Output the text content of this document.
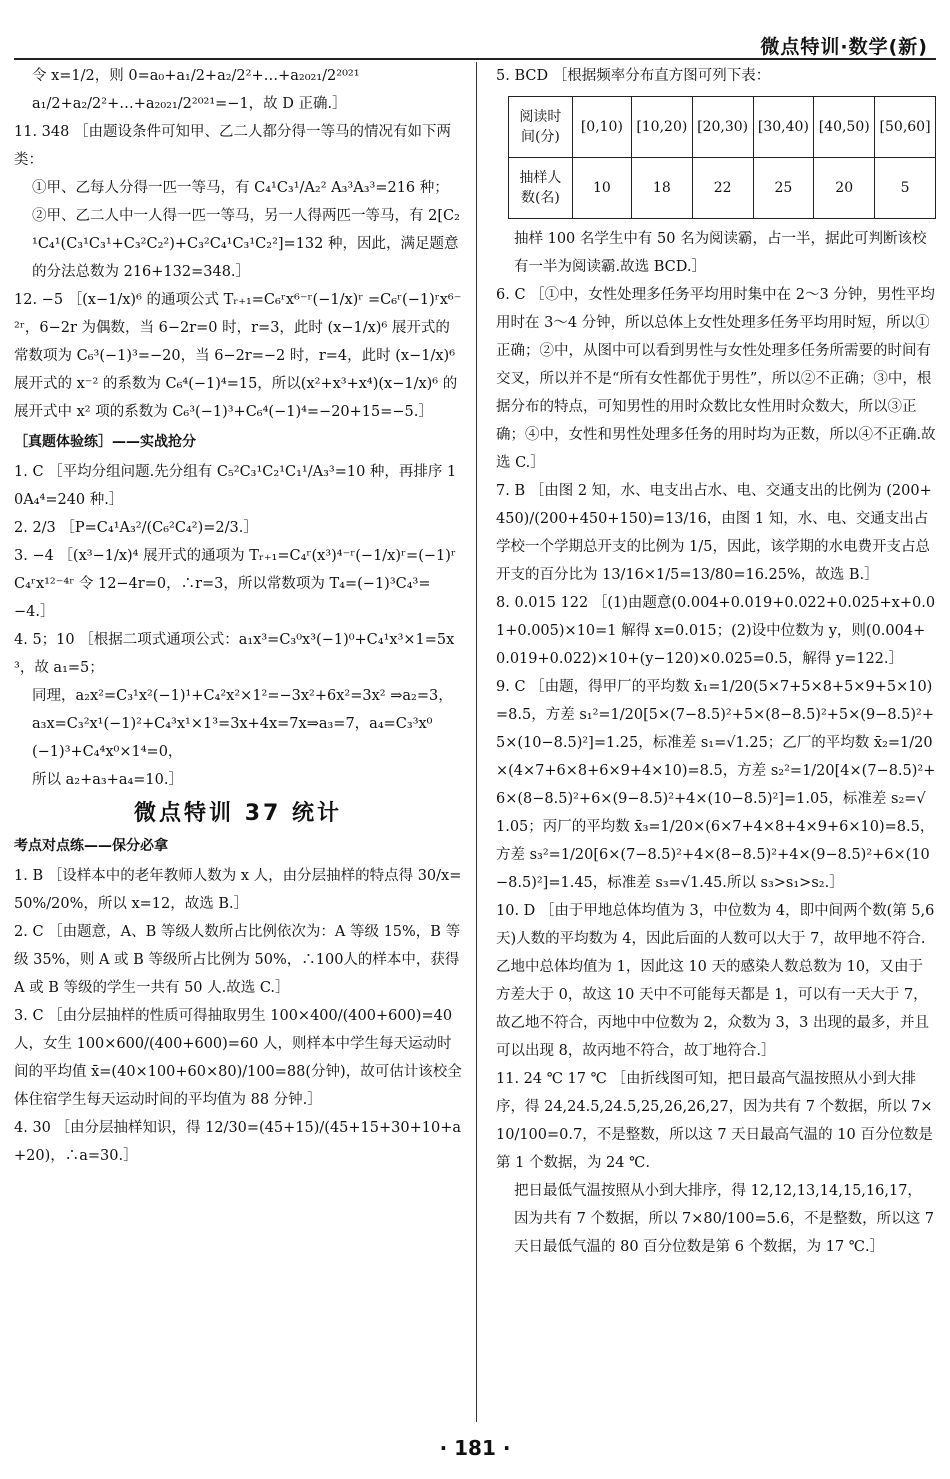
微点特训·数学(新)

令 x=1/2，则 0=a₀+a₁/2+a₂/2²+…+a₂₀₂₁/2²⁰²¹

a₁/2+a₂/2²+…+a₂₀₂₁/2²⁰²¹=−1，故 D 正确.］

11. 348 ［由题设条件可知甲、乙二人都分得一等马的情况有如下两类：

①甲、乙每人分得一匹一等马，有 C₄¹C₃¹/A₂² A₃³A₃³=216 种；

②甲、乙二人中一人得一匹一等马，另一人得两匹一等马，有 2[C₂¹C₄¹(C₃¹C₃¹+C₃²C₂²)+C₃²C₄¹C₃¹C₂²]=132 种，因此，满足题意的分法总数为 216+132=348.］

12. −5 ［(x−1/x)⁶ 的通项公式 Tᵣ₊₁=C₆ʳx⁶⁻ʳ(−1/x)ʳ =C₆ʳ(−1)ʳx⁶⁻²ʳ，6−2r 为偶数，当 6−2r=0 时，r=3，此时 (x−1/x)⁶ 展开式的常数项为 C₆³(−1)³=−20，当 6−2r=−2 时，r=4，此时 (x−1/x)⁶ 展开式的 x⁻² 的系数为 C₆⁴(−1)⁴=15，所以(x²+x³+x⁴)(x−1/x)⁶ 的展开式中 x² 项的系数为 C₆³(−1)³+C₆⁴(−1)⁴=−20+15=−5.］

［真题体验练］——实战抢分

1. C ［平均分组问题.先分组有 C₅²C₃¹C₂¹C₁¹/A₃³=10 种，再排序 10A₄⁴=240 种.］

2. 2/3 ［P=C₄¹A₃²/(C₆²C₄²)=2/3.］

3. −4 ［(x³−1/x)⁴ 展开式的通项为 Tᵣ₊₁=C₄ʳ(x³)⁴⁻ʳ(−1/x)ʳ=(−1)ʳC₄ʳx¹²⁻⁴ʳ 令 12−4r=0，∴r=3，所以常数项为 T₄=(−1)³C₄³=−4.］

4. 5；10 ［根据二项式通项公式：a₁x³=C₃⁰x³(−1)⁰+C₄¹x³×1=5x³，故 a₁=5；

同理，a₂x²=C₃¹x²(−1)¹+C₄²x²×1²=−3x²+6x²=3x² ⇒a₂=3，

a₃x=C₃²x¹(−1)²+C₄³x¹×1³=3x+4x=7x⇒a₃=7，a₄=C₃³x⁰(−1)³+C₄⁴x⁰×1⁴=0，

所以 a₂+a₃+a₄=10.］

微点特训 37 统计
考点对点练——保分必拿

1. B ［设样本中的老年教师人数为 x 人，由分层抽样的特点得 30/x=50%/20%，所以 x=12，故选 B.］

2. C ［由题意，A、B 等级人数所占比例依次为：A 等级 15%，B 等级 35%，则 A 或 B 等级所占比例为 50%，∴100人的样本中，获得 A 或 B 等级的学生一共有 50 人.故选 C.］

3. C ［由分层抽样的性质可得抽取男生 100×400/(400+600)=40 人，女生 100×600/(400+600)=60 人，则样本中学生每天运动时间的平均值 x̄=(40×100+60×80)/100=88(分钟)，故可估计该校全体住宿学生每天运动时间的平均值为 88 分钟.］

4. 30 ［由分层抽样知识，得 12/30=(45+15)/(45+15+30+10+a+20)，∴a=30.］

5. BCD ［根据频率分布直方图可列下表：

阅读时间(分)	[0,10)	[10,20)	[20,30)	[30,40)	[40,50)	[50,60]
抽样人数(名)	10	18	22	25	20	5

抽样 100 名学生中有 50 名为阅读霸，占一半，据此可判断该校有一半为阅读霸.故选 BCD.］

6. C ［①中，女性处理多任务平均用时集中在 2～3 分钟，男性平均用时在 3～4 分钟，所以总体上女性处理多任务平均用时短，所以①正确；②中，从图中可以看到男性与女性处理多任务所需要的时间有交叉，所以并不是“所有女性都优于男性”，所以②不正确；③中，根据分布的特点，可知男性的用时众数比女性用时众数大，所以③正确；④中，女性和男性处理多任务的用时均为正数，所以④不正确.故选 C.］

7. B ［由图 2 知，水、电支出占水、电、交通支出的比例为 (200+450)/(200+450+150)=13/16，由图 1 知，水、电、交通支出占学校一个学期总开支的比例为 1/5，因此，该学期的水电费开支占总开支的百分比为 13/16×1/5=13/80=16.25%，故选 B.］

8. 0.015 122 ［(1)由题意(0.004+0.019+0.022+0.025+x+0.01+0.005)×10=1 解得 x=0.015；(2)设中位数为 y，则(0.004+0.019+0.022)×10+(y−120)×0.025=0.5，解得 y=122.］

9. C ［由题，得甲厂的平均数 x̄₁=1/20(5×7+5×8+5×9+5×10)=8.5，方差 s₁²=1/20[5×(7−8.5)²+5×(8−8.5)²+5×(9−8.5)²+5×(10−8.5)²]=1.25，标准差 s₁=√1.25；乙厂的平均数 x̄₂=1/20×(4×7+6×8+6×9+4×10)=8.5，方差 s₂²=1/20[4×(7−8.5)²+6×(8−8.5)²+6×(9−8.5)²+4×(10−8.5)²]=1.05，标准差 s₂=√1.05；丙厂的平均数 x̄₃=1/20×(6×7+4×8+4×9+6×10)=8.5，方差 s₃²=1/20[6×(7−8.5)²+4×(8−8.5)²+4×(9−8.5)²+6×(10−8.5)²]=1.45，标准差 s₃=√1.45.所以 s₃>s₁>s₂.］

10. D ［由于甲地总体均值为 3，中位数为 4，即中间两个数(第 5,6 天)人数的平均数为 4，因此后面的人数可以大于 7，故甲地不符合.乙地中总体均值为 1，因此这 10 天的感染人数总数为 10，又由于方差大于 0，故这 10 天中不可能每天都是 1，可以有一天大于 7，故乙地不符合，丙地中中位数为 2，众数为 3，3 出现的最多，并且可以出现 8，故丙地不符合，故丁地符合.］

11. 24 ℃ 17 ℃ ［由折线图可知，把日最高气温按照从小到大排序，得 24,24.5,24.5,25,26,26,27，因为共有 7 个数据，所以 7×10/100=0.7，不是整数，所以这 7 天日最高气温的 10 百分位数是第 1 个数据，为 24 ℃.

把日最低气温按照从小到大排序，得 12,12,13,14,15,16,17，因为共有 7 个数据，所以 7×80/100=5.6，不是整数，所以这 7 天日最低气温的 80 百分位数是第 6 个数据，为 17 ℃.］

· 181 ·
